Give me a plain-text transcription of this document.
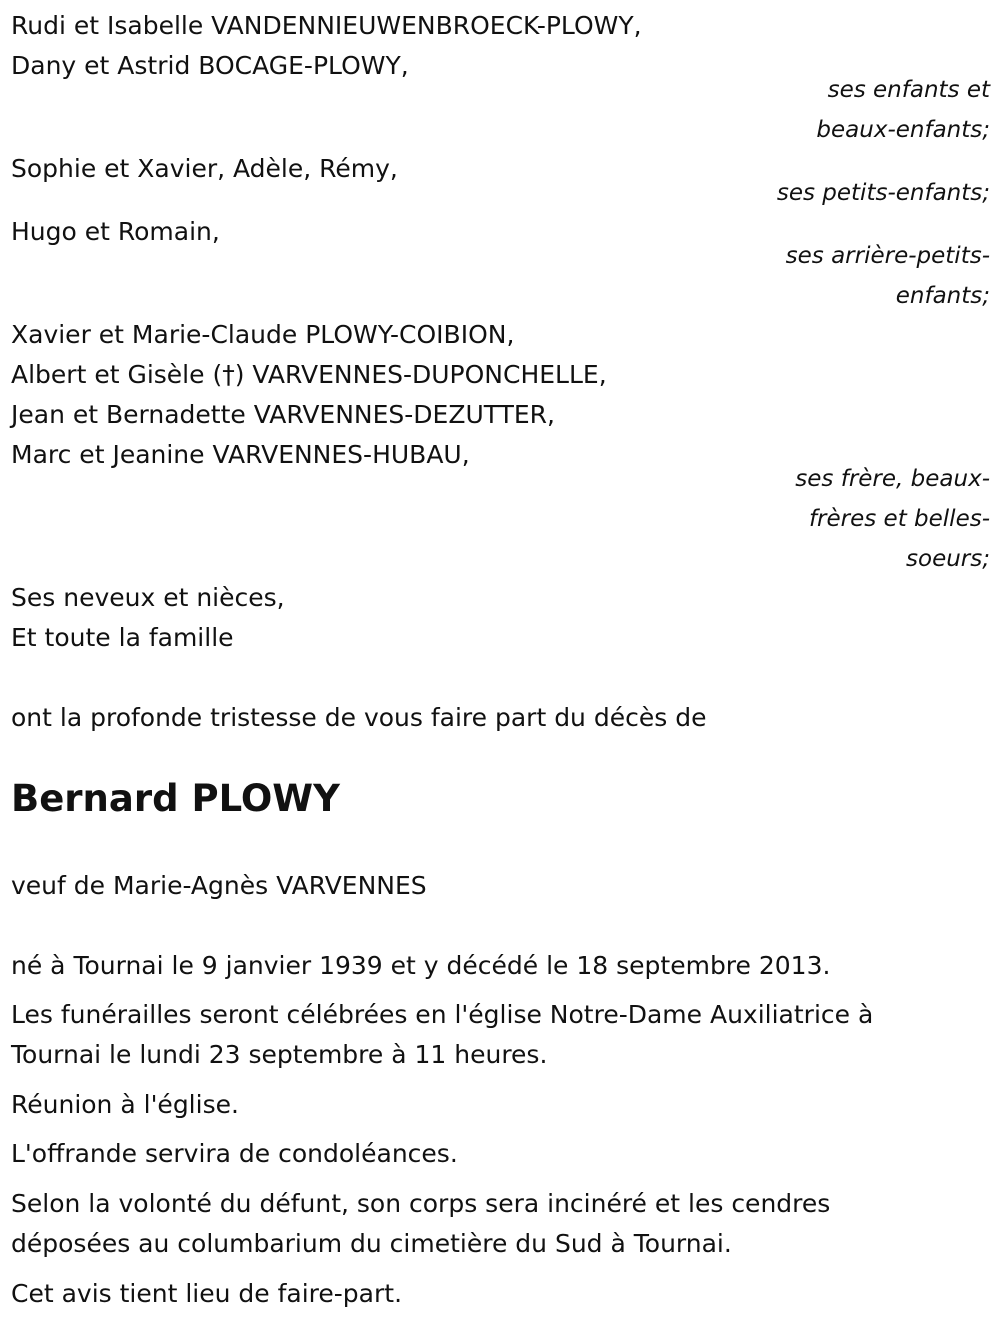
Rudi et Isabelle VANDENNIEUWENBROECK-PLOWY,
Dany et Astrid BOCAGE-PLOWY,
ses enfants et
beaux-enfants;
Sophie et Xavier, Adèle, Rémy,
ses petits-enfants;
Hugo et Romain,
ses arrière-petits-
enfants;
Xavier et Marie-Claude PLOWY-COIBION,
Albert et Gisèle (†) VARVENNES-DUPONCHELLE,
Jean et Bernadette VARVENNES-DEZUTTER,
Marc et Jeanine VARVENNES-HUBAU,
ses frère, beaux-
frères et belles-
soeurs;
Ses neveux et nièces,
Et toute la famille
ont la profonde tristesse de vous faire part du décès de
Bernard PLOWY
veuf de Marie-Agnès VARVENNES
né à Tournai le 9 janvier 1939 et y décédé le 18 septembre 2013.
Les funérailles seront célébrées en l'église Notre-Dame Auxiliatrice à
Tournai le lundi 23 septembre à 11 heures.
Réunion à l'église.
L'offrande servira de condoléances.
Selon la volonté du défunt, son corps sera incinéré et les cendres
déposées au columbarium du cimetière du Sud à Tournai.
Cet avis tient lieu de faire-part.
